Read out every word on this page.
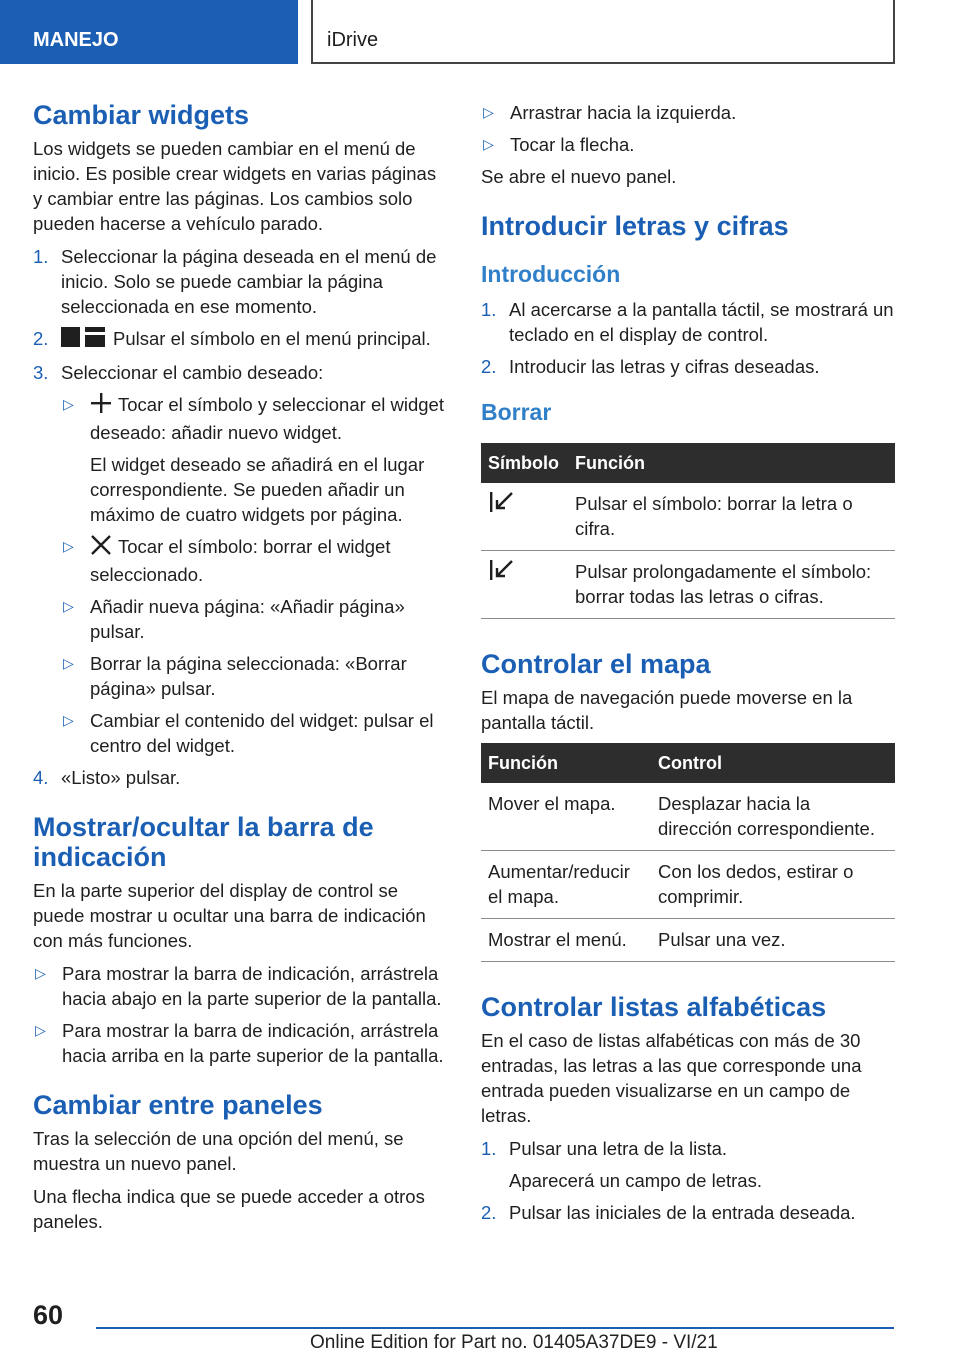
MANEJO	iDrive
Cambiar widgets

Los widgets se pueden cambiar en el menú de inicio. Es posible crear widgets en varias páginas y cambiar entre las páginas. Los cambios solo pueden hacerse a vehículo parado.

1. Seleccionar la página deseada en el menú de inicio. Solo se puede cambiar la página seleccionada en ese momento.
2.	Pulsar el símbolo en el menú principal.
3. Seleccionar el cambio deseado:
▷ Tocar el símbolo y seleccionar el widget deseado: añadir nuevo widget.
El widget deseado se añadirá en el lugar correspondiente. Se pueden añadir un máximo de cuatro widgets por página.
▷ Tocar el símbolo: borrar el widget seleccionado.
▷ Añadir nueva página: «Añadir página» pulsar.
▷ Borrar la página seleccionada: «Borrar página» pulsar.
▷ Cambiar el contenido del widget: pulsar el centro del widget.
4. «Listo» pulsar.
Mostrar/ocultar la barra de indicación

En la parte superior del display de control se puede mostrar u ocultar una barra de indicación con más funciones.

▷ Para mostrar la barra de indicación, arrástrela hacia abajo en la parte superior de la pantalla.
▷ Para mostrar la barra de indicación, arrástrela hacia arriba en la parte superior de la pantalla.
Cambiar entre paneles

Tras la selección de una opción del menú, se muestra un nuevo panel.

Una flecha indica que se puede acceder a otros paneles.

▷ Arrastrar hacia la izquierda.
▷ Tocar la flecha.

Se abre el nuevo panel.

Introducir letras y cifras
Introducción
1. Al acercarse a la pantalla táctil, se mostrará un teclado en el display de control.
2. Introducir las letras y cifras deseadas.
Borrar
Símbolo	Función
	Pulsar el símbolo: borrar la letra o cifra.
	Pulsar prolongadamente el símbolo: borrar todas las letras o cifras.
Controlar el mapa

El mapa de navegación puede moverse en la pantalla táctil.

Función	Control
Mover el mapa.	Desplazar hacia la dirección correspondiente.
Aumentar/reducir el mapa.	Con los dedos, estirar o comprimir.
Mostrar el menú.	Pulsar una vez.
Controlar listas alfabéticas

En el caso de listas alfabéticas con más de 30 entradas, las letras a las que corresponde una entrada pueden visualizarse en un campo de letras.

1. Pulsar una letra de la lista.
Aparecerá un campo de letras.
2. Pulsar las iniciales de la entrada deseada.
60
Online Edition for Part no. 01405A37DE9 - VI/21
